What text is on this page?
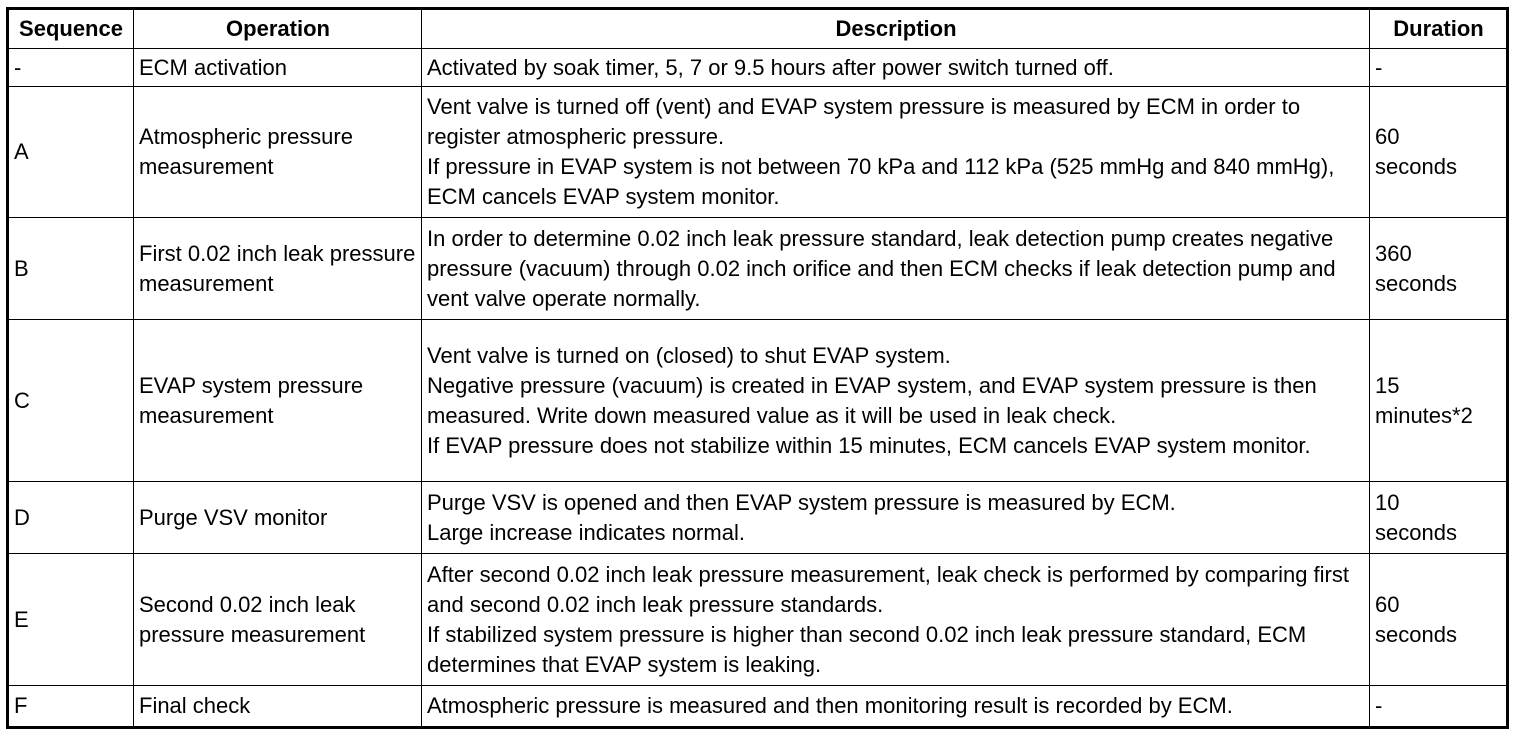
Sequence	Operation	Description	Duration
-	ECM activation	Activated by soak timer, 5, 7 or 9.5 hours after power switch turned off.	-

A	Atmospheric pressure measurement	Vent valve is turned off (vent) and EVAP system pressure is measured by ECM in order to register atmospheric pressure.
If pressure in EVAP system is not between 70 kPa and 112 kPa (525 mmHg and 840 mmHg), ECM cancels EVAP system monitor.	60
seconds

B	First 0.02 inch leak pressure measurement	In order to determine 0.02 inch leak pressure standard, leak detection pump creates negative pressure (vacuum) through 0.02 inch orifice and then ECM checks if leak detection pump and vent valve operate normally.	360
seconds

C	EVAP system pressure measurement	Vent valve is turned on (closed) to shut EVAP system.
Negative pressure (vacuum) is created in EVAP system, and EVAP system pressure is then measured. Write down measured value as it will be used in leak check.
If EVAP pressure does not stabilize within 15 minutes, ECM cancels EVAP system monitor.	15
minutes*2

D	Purge VSV monitor	Purge VSV is opened and then EVAP system pressure is measured by ECM.
Large increase indicates normal.	10
seconds

E	Second 0.02 inch leak pressure measurement	After second 0.02 inch leak pressure measurement, leak check is performed by comparing first and second 0.02 inch leak pressure standards.
If stabilized system pressure is higher than second 0.02 inch leak pressure standard, ECM determines that EVAP system is leaking.	60
seconds

F	Final check	Atmospheric pressure is measured and then monitoring result is recorded by ECM.	-
